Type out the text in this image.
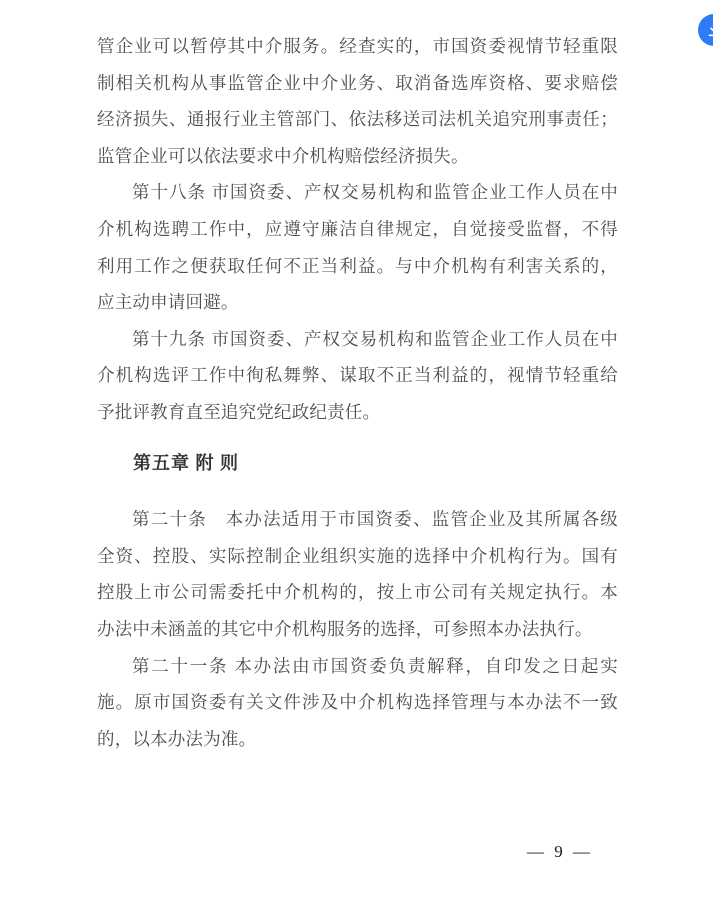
管企业可以暂停其中介服务。经查实的，市国资委视情节轻重限
制相关机构从事监管企业中介业务、取消备选库资格、要求赔偿
经济损失、通报行业主管部门、依法移送司法机关追究刑事责任；
监管企业可以依法要求中介机构赔偿经济损失。
第十八条 市国资委、产权交易机构和监管企业工作人员在中
介机构选聘工作中，应遵守廉洁自律规定，自觉接受监督，不得
利用工作之便获取任何不正当利益。与中介机构有利害关系的，
应主动申请回避。
第十九条 市国资委、产权交易机构和监管企业工作人员在中
介机构选评工作中徇私舞弊、谋取不正当利益的，视情节轻重给
予批评教育直至追究党纪政纪责任。
第五章 附 则
第二十条　本办法适用于市国资委、监管企业及其所属各级
全资、控股、实际控制企业组织实施的选择中介机构行为。国有
控股上市公司需委托中介机构的，按上市公司有关规定执行。本
办法中未涵盖的其它中介机构服务的选择，可参照本办法执行。
第二十一条 本办法由市国资委负责解释，自印发之日起实
施。原市国资委有关文件涉及中介机构选择管理与本办法不一致
的，以本办法为准。
— 9 —
